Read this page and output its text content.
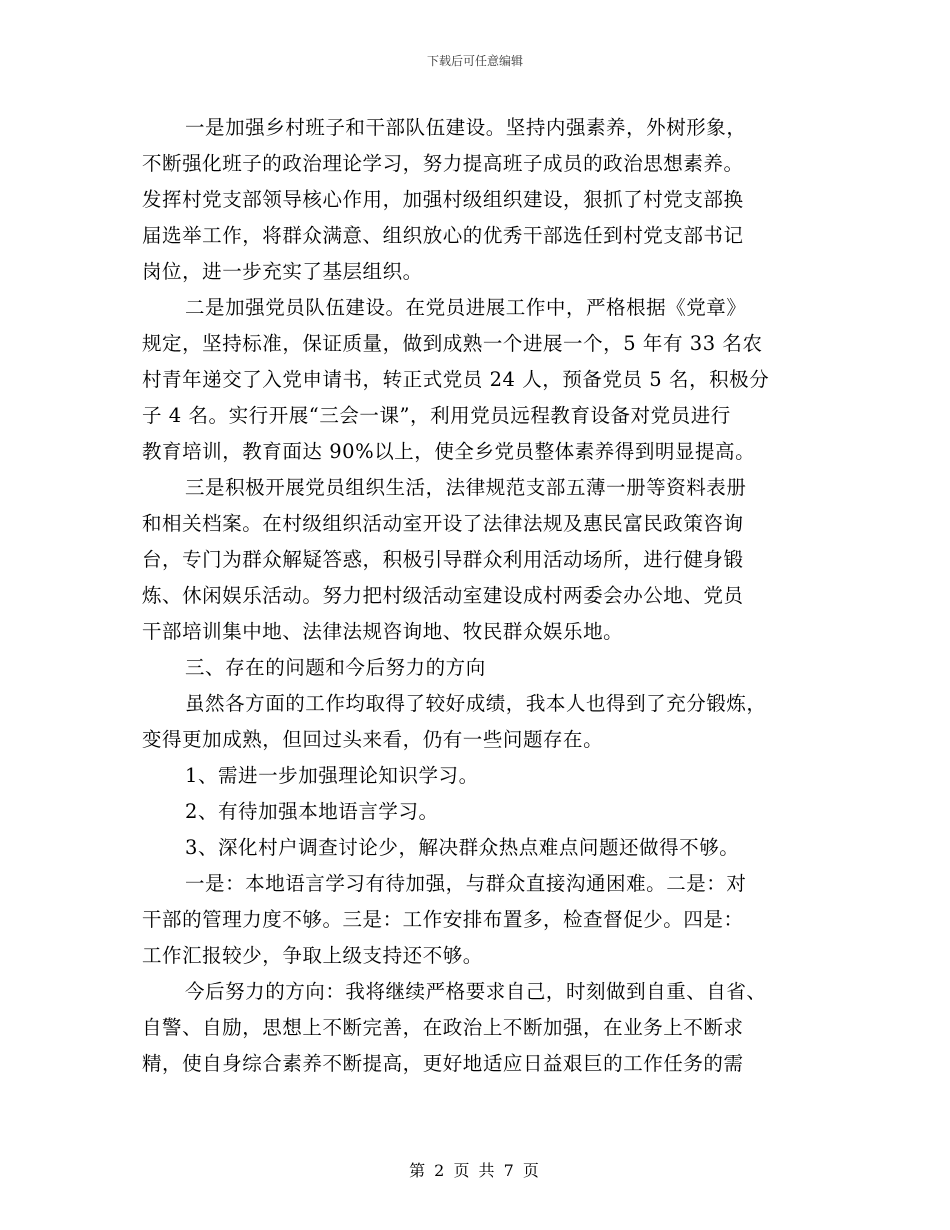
下载后可任意编辑
一是加强乡村班子和干部队伍建设。坚持内强素养，外树形象，
不断强化班子的政治理论学习，努力提高班子成员的政治思想素养。
发挥村党支部领导核心作用，加强村级组织建设，狠抓了村党支部换
届选举工作，将群众满意、组织放心的优秀干部选任到村党支部书记
岗位，进一步充实了基层组织。
二是加强党员队伍建设。在党员进展工作中，严格根据《党章》
规定，坚持标准，保证质量，做到成熟一个进展一个，5 年有 33 名农
村青年递交了入党申请书，转正式党员 24 人，预备党员 5 名，积极分
子 4 名。实行开展“三会一课”，利用党员远程教育设备对党员进行
教育培训，教育面达 90%以上，使全乡党员整体素养得到明显提高。
三是积极开展党员组织生活，法律规范支部五薄一册等资料表册
和相关档案。在村级组织活动室开设了法律法规及惠民富民政策咨询
台，专门为群众解疑答惑，积极引导群众利用活动场所，进行健身锻
炼、休闲娱乐活动。努力把村级活动室建设成村两委会办公地、党员
干部培训集中地、法律法规咨询地、牧民群众娱乐地。
三、存在的问题和今后努力的方向
虽然各方面的工作均取得了较好成绩，我本人也得到了充分锻炼，
变得更加成熟，但回过头来看，仍有一些问题存在。
1、需进一步加强理论知识学习。
2、有待加强本地语言学习。
3、深化村户调查讨论少，解决群众热点难点问题还做得不够。
一是：本地语言学习有待加强，与群众直接沟通困难。二是：对
干部的管理力度不够。三是：工作安排布置多，检查督促少。四是：
工作汇报较少，争取上级支持还不够。
今后努力的方向：我将继续严格要求自己，时刻做到自重、自省、
自警、自励，思想上不断完善，在政治上不断加强，在业务上不断求
精，使自身综合素养不断提高，更好地适应日益艰巨的工作任务的需
第 2 页 共 7 页
